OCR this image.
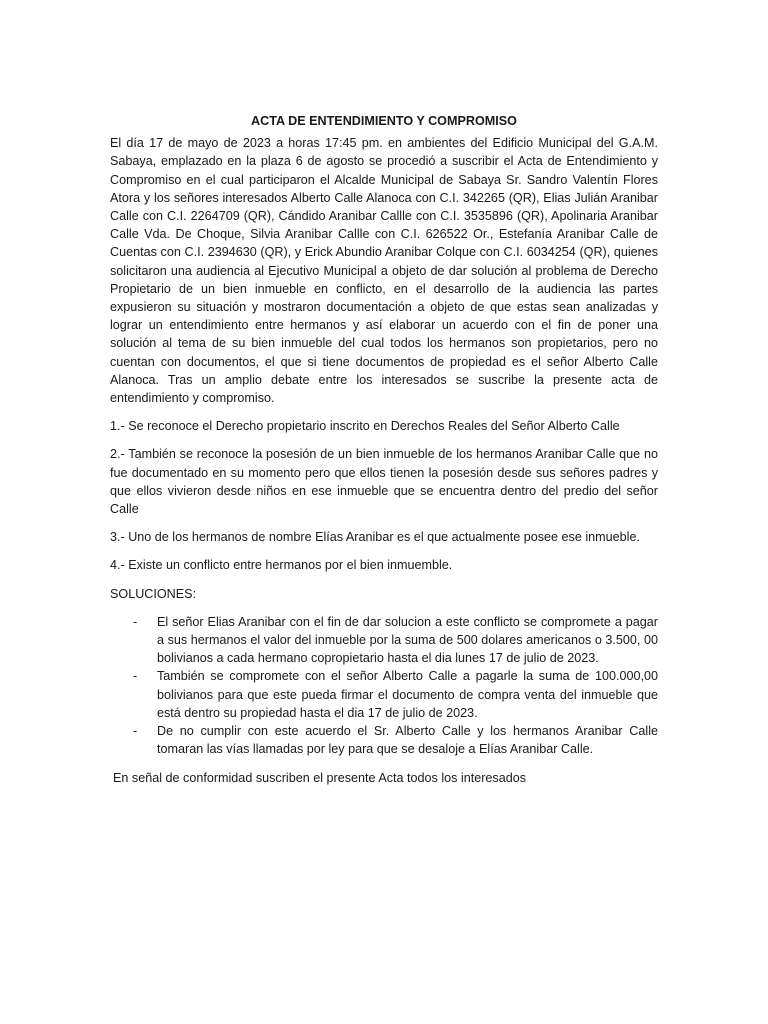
ACTA DE ENTENDIMIENTO Y COMPROMISO

El día 17 de mayo de 2023 a horas 17:45 pm. en ambientes del Edificio Municipal del G.A.M. Sabaya, emplazado en la plaza 6 de agosto se procedió a suscribir el Acta de Entendimiento y Compromiso en el cual participaron el Alcalde Municipal de Sabaya Sr. Sandro Valentín Flores Atora y los señores interesados Alberto Calle Alanoca con C.I. 342265 (QR), Elias Julián Aranibar Calle con C.I. 2264709 (QR), Cándido Aranibar Callle con C.I. 3535896 (QR), Apolinaria Aranibar Calle Vda. De Choque, Silvia Aranibar Callle con C.I. 626522 Or., Estefanía Aranibar Calle de Cuentas con C.I. 2394630 (QR), y Erick Abundio Aranibar Colque con C.I. 6034254 (QR), quienes solicitaron una audiencia al Ejecutivo Municipal a objeto de dar solución al problema de Derecho Propietario de un bien inmueble en conflicto, en el desarrollo de la audiencia las partes expusieron su situación y mostraron documentación a objeto de que estas sean analizadas y lograr un entendimiento entre hermanos y así elaborar un acuerdo con el fin de poner una solución al tema de su bien inmueble del cual todos los hermanos son propietarios, pero no cuentan con documentos, el que si tiene documentos de propiedad es el señor Alberto Calle Alanoca. Tras un amplio debate entre los interesados se suscribe la presente acta de entendimiento y compromiso.

1.- Se reconoce el Derecho propietario inscrito en Derechos Reales del Señor Alberto Calle

2.- También se reconoce la posesión de un bien inmueble de los hermanos Aranibar Calle que no fue documentado en su momento pero que ellos tienen la posesión desde sus señores padres y que ellos vivieron desde niños en ese inmueble que se encuentra dentro del predio del señor Calle

3.- Uno de los hermanos de nombre Elías Aranibar es el que actualmente posee ese inmueble.

4.- Existe un conflicto entre hermanos por el bien inmuemble.

SOLUCIONES:

- El señor Elias Aranibar con el fin de dar solucion a este conflicto se compromete a pagar a sus hermanos el valor del inmueble por la suma de 500 dolares americanos o 3.500, 00 bolivianos a cada hermano copropietario hasta el dia lunes 17 de julio de 2023.
- También se compromete con el señor Alberto Calle a pagarle la suma de 100.000,00 bolivianos para que este pueda firmar el documento de compra venta del inmueble que está dentro su propiedad hasta el dia 17 de julio de 2023.
- De no cumplir con este acuerdo el Sr. Alberto Calle y los hermanos Aranibar Calle tomaran las vías llamadas por ley para que se desaloje a Elías Aranibar Calle.

En señal de conformidad suscriben el presente Acta todos los interesados
